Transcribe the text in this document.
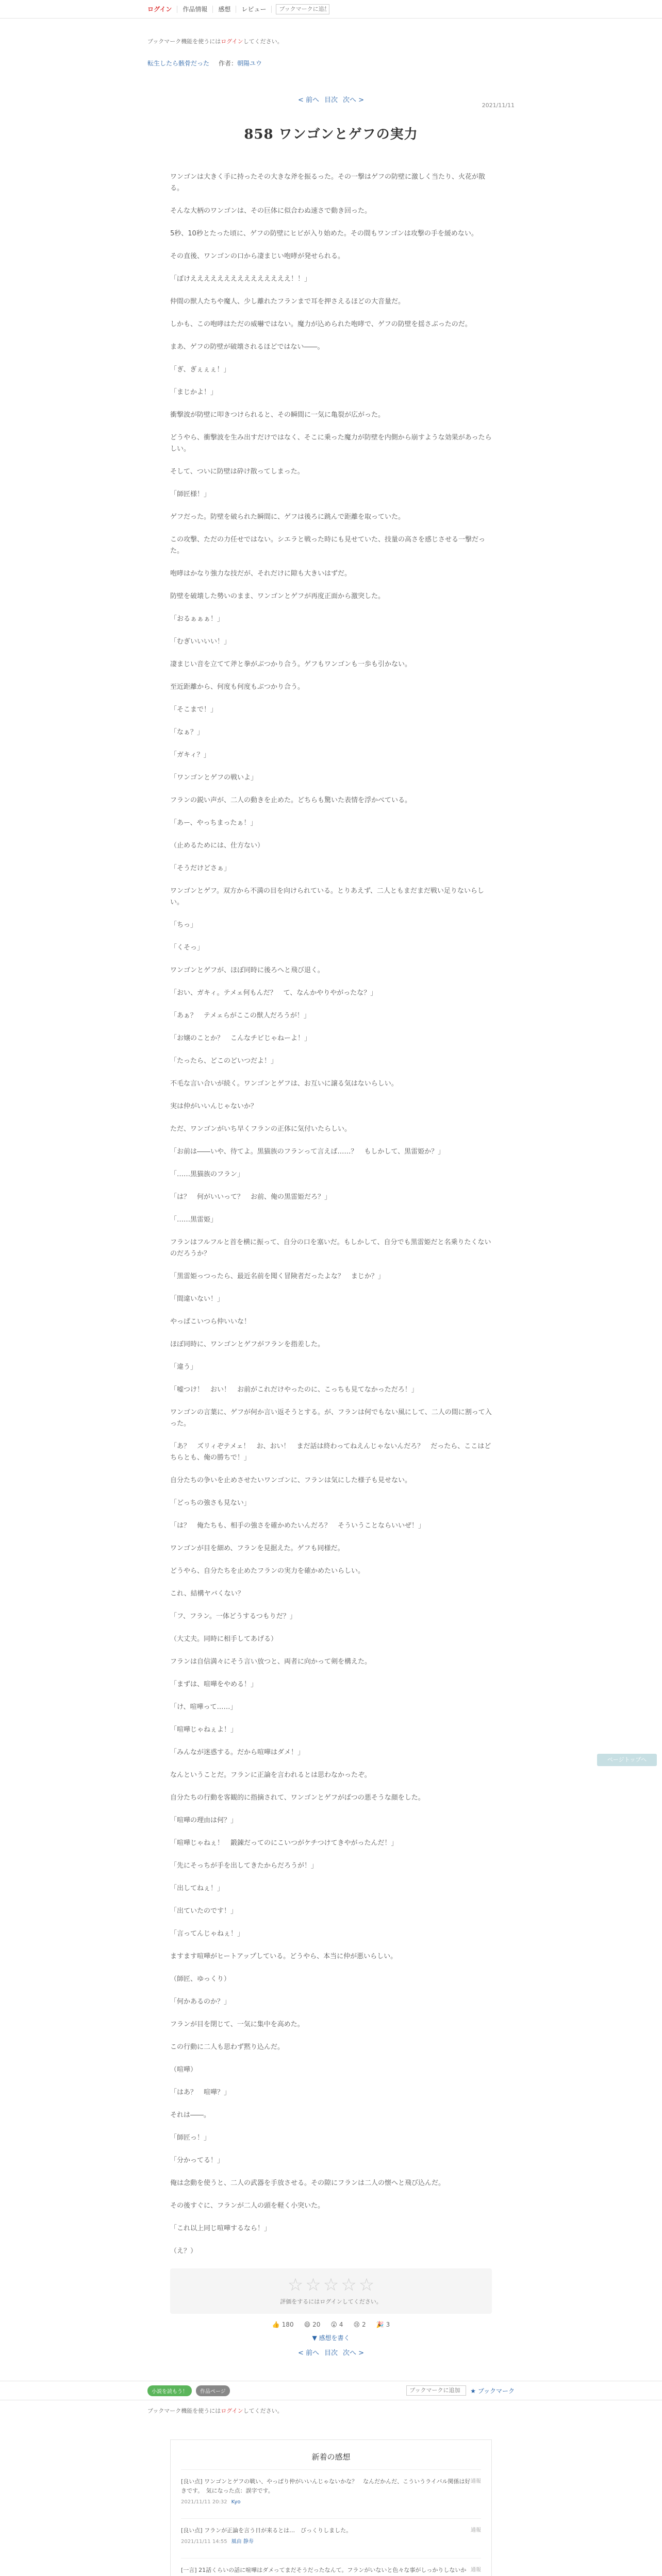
ログイン	作品情報	感想	レビュー
ブックマークに追加
ブックマーク機能を使うにはログインしてください。
転生したら骸骨だった 作者：朝陽ユウ
< 前へ 目次 次へ >
2021/11/11
858 ワンゴンとゲフの実力

ワンゴンは大きく手に持ったその大きな斧を振るった。その一撃はゲフの防壁に激しく当たり、火花が散る。

そんな大柄のワンゴンは、その巨体に似合わぬ速さで動き回った。

5秒、10秒とたった頃に、ゲフの防壁にヒビが入り始めた。その間もワンゴンは攻撃の手を緩めない。

その直後、ワンゴンの口から凄まじい咆哮が発せられる。

「ぼけえええええええええええええええ！！」

仲間の獣人たちや魔人、少し離れたフランまで耳を押さえるほどの大音量だ。

しかも、この咆哮はただの威嚇ではない。魔力が込められた咆哮で、ゲフの防壁を揺さぶったのだ。

まあ、ゲフの防壁が破壊されるほどではない――。

「ぎ、ぎぇぇぇ！」

「まじかよ！」

衝撃波が防壁に叩きつけられると、その瞬間に一気に亀裂が広がった。

どうやら、衝撃波を生み出すだけではなく、そこに乗った魔力が防壁を内側から崩すような効果があったらしい。

そして、ついに防壁は砕け散ってしまった。

「師匠様！」

ゲフだった。防壁を破られた瞬間に、ゲフは後ろに跳んで距離を取っていた。

この攻撃、ただの力任せではない。シエラと戦った時にも見せていた、技量の高さを感じさせる一撃だった。

咆哮はかなり強力な技だが、それだけに隙も大きいはずだ。

防壁を破壊した勢いのまま、ワンゴンとゲフが再度正面から激突した。

「おるぁぁぁ！」

「むぎいいいい！」

凄まじい音を立てて斧と拳がぶつかり合う。ゲフもワンゴンも一歩も引かない。

至近距離から、何度も何度もぶつかり合う。

「そこまで！」

「なぁ？」

「ガキィ？」

「ワンゴンとゲフの戦いよ」

フランの鋭い声が、二人の動きを止めた。どちらも驚いた表情を浮かべている。

「あー、やっちまったぁ！」

（止めるためには、仕方ない）

「そうだけどさぁ」

ワンゴンとゲフ。双方から不満の目を向けられている。とりあえず、二人ともまだまだ戦い足りないらしい。

「ちっ」

「くそっ」

ワンゴンとゲフが、ほぼ同時に後ろへと飛び退く。

「おい、ガキィ。テメェ何もんだ？　て、なんかやりやがったな？」

「あぁ？　テメェらがここの獣人だろうが！」

「お嬢のことか？　こんなチビじゃねーよ！」

「たったら、どこのどいつだよ！」

不毛な言い合いが続く。ワンゴンとゲフは、お互いに譲る気はないらしい。

実は仲がいいんじゃないか？

ただ、ワンゴンがいち早くフランの正体に気付いたらしい。

「お前は――いや、待てよ。黒猫族のフランって言えば……？　もしかして、黒雷姫か？」

「……黒猫族のフラン」

「は？　何がいいって？　お前、俺の黒雷姫だろ？」

「……黒雷姫」

フランはフルフルと首を横に振って、自分の口を塞いだ。もしかして、自分でも黒雷姫だと名乗りたくないのだろうか？

「黒雷姫っつったら、最近名前を聞く冒険者だったよな？　まじか？」

「間違いない！」

やっぱこいつら仲いいな！

ほぼ同時に、ワンゴンとゲフがフランを指差した。

「違う」

「嘘つけ！　おい！　お前がこれだけやったのに、こっちも見てなかっただろ！」

ワンゴンの言葉に、ゲフが何か言い返そうとする。が、フランは何でもない風にして、二人の間に割って入った。

「あ？　ズリィぞテメェ！　お、おい！　まだ話は終わってねえんじゃないんだろ？　だったら、ここはどちらとも、俺の勝ちで！」

自分たちの争いを止めさせたいワンゴンに、フランは気にした様子も見せない。

「どっちの強さも見ない」

「は？　俺たちも、相手の強さを確かめたいんだろ？　そういうことならいいぜ！」

ワンゴンが目を細め、フランを見据えた。ゲフも同様だ。

どうやら、自分たちを止めたフランの実力を確かめたいらしい。

これ、結構ヤバくない？

「フ、フラン。一体どうするつもりだ？」

（大丈夫。同時に相手してあげる）

フランは自信満々にそう言い放つと、両者に向かって剣を構えた。

「まずは、喧嘩をやめる！」

「け、喧嘩って……」

「喧嘩じゃねぇよ！」

「みんなが迷惑する。だから喧嘩はダメ！」

なんということだ。フランに正論を言われるとは思わなかったぞ。

自分たちの行動を客観的に指摘されて、ワンゴンとゲフがばつの悪そうな顔をした。

「喧嘩の理由は何？」

「喧嘩じゃねぇ！　鍛錬だってのにこいつがケチつけてきやがったんだ！」

「先にそっちが手を出してきたからだろうが！」

「出してねぇ！」

「出ていたのです！」

「言ってんじゃねぇ！」

ますます喧嘩がヒートアップしている。どうやら、本当に仲が悪いらしい。

（師匠、ゆっくり）

「何かあるのか？」

フランが目を閉じて、一気に集中を高めた。

この行動に二人も思わず黙り込んだ。

（喧嘩）

「はあ？　喧嘩？」

それは――。

「師匠っ！」

「分かってる！」

俺は念動を使うと、二人の武器を手放させる。その隙にフランは二人の懐へと飛び込んだ。

その後すぐに、フランが二人の頭を軽く小突いた。

「これ以上同じ喧嘩するなら！」

（え？）

☆ ☆ ☆ ☆ ☆
評価をするにはログインしてください。
👍 180 😄 20 😮 4 😢 2 🎉 3
▼ 感想を書く
< 前へ 目次 次へ >
小説を読もう！	作品ページ
ブックマークに追加	★ ブックマーク
ブックマーク機能を使うにはログインしてください。
新着の感想
通報
[良い点] ワンゴンとゲフの戦い、やっぱり仲がいいんじゃないかな？　なんだかんだ、こういうライバル関係は好きです。　気になった点：誤字です。
2021/11/11 20:32 Kyo
通報
[良い点] フランが正論を言う日が来るとは…　びっくりしました。
2021/11/11 14:55 風由 静寿
通報
[一言] 21話くらいの話に喧嘩はダメってまだそうだったなんて。フランがいないと色々な事がしっかりしないか
ページトップへ
